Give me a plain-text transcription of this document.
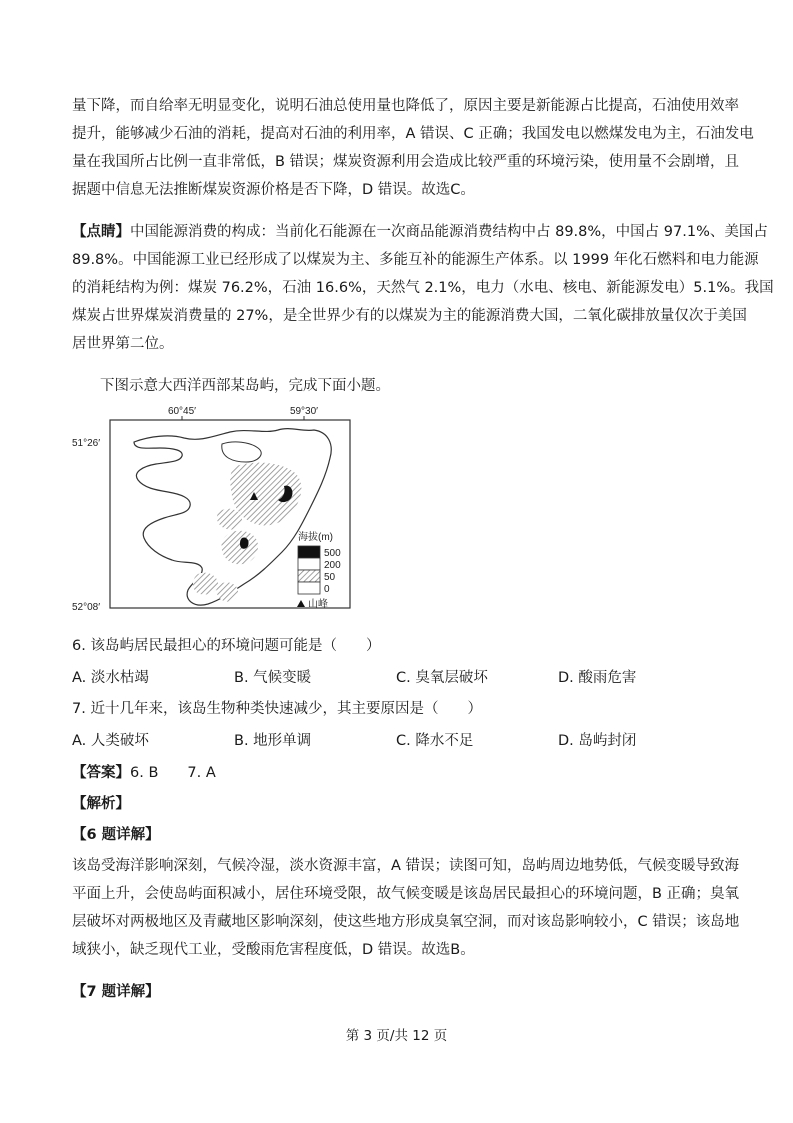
量下降，而自给率无明显变化，说明石油总使用量也降低了，原因主要是新能源占比提高，石油使用效率
提升，能够减少石油的消耗，提高对石油的利用率，A 错误、C 正确；我国发电以燃煤发电为主，石油发电
量在我国所占比例一直非常低，B 错误；煤炭资源利用会造成比较严重的环境污染，使用量不会剧增，且
据题中信息无法推断煤炭资源价格是否下降，D 错误。故选C。
【点睛】中国能源消费的构成：当前化石能源在一次商品能源消费结构中占 89.8%，中国占 97.1%、美国占
89.8%。中国能源工业已经形成了以煤炭为主、多能互补的能源生产体系。以 1999 年化石燃料和电力能源
的消耗结构为例：煤炭 76.2%，石油 16.6%，天然气 2.1%，电力（水电、核电、新能源发电）5.1%。我国
煤炭占世界煤炭消费量的 27%，是全世界少有的以煤炭为主的能源消费大国，二氧化碳排放量仅次于美国
居世界第二位。
下图示意大西洋西部某岛屿，完成下面小题。
60°45′	59°30′
51°26′
52°08′
海拔(m)
500
200
50
0
山峰
6. 该岛屿居民最担心的环境问题可能是（　　）
A. 淡水枯竭	B. 气候变暖	C. 臭氧层破坏	D. 酸雨危害
7. 近十几年来，该岛生物种类快速减少，其主要原因是（　　）
A. 人类破坏	B. 地形单调	C. 降水不足	D. 岛屿封闭
【答案】6. B　　7. A
【解析】
【6 题详解】
该岛受海洋影响深刻，气候冷湿，淡水资源丰富，A 错误；读图可知，岛屿周边地势低，气候变暖导致海
平面上升，会使岛屿面积减小，居住环境受限，故气候变暖是该岛居民最担心的环境问题，B 正确；臭氧
层破坏对两极地区及青藏地区影响深刻，使这些地方形成臭氧空洞，而对该岛影响较小，C 错误；该岛地
域狭小，缺乏现代工业，受酸雨危害程度低，D 错误。故选B。
【7 题详解】
第 3 页/共 12 页
